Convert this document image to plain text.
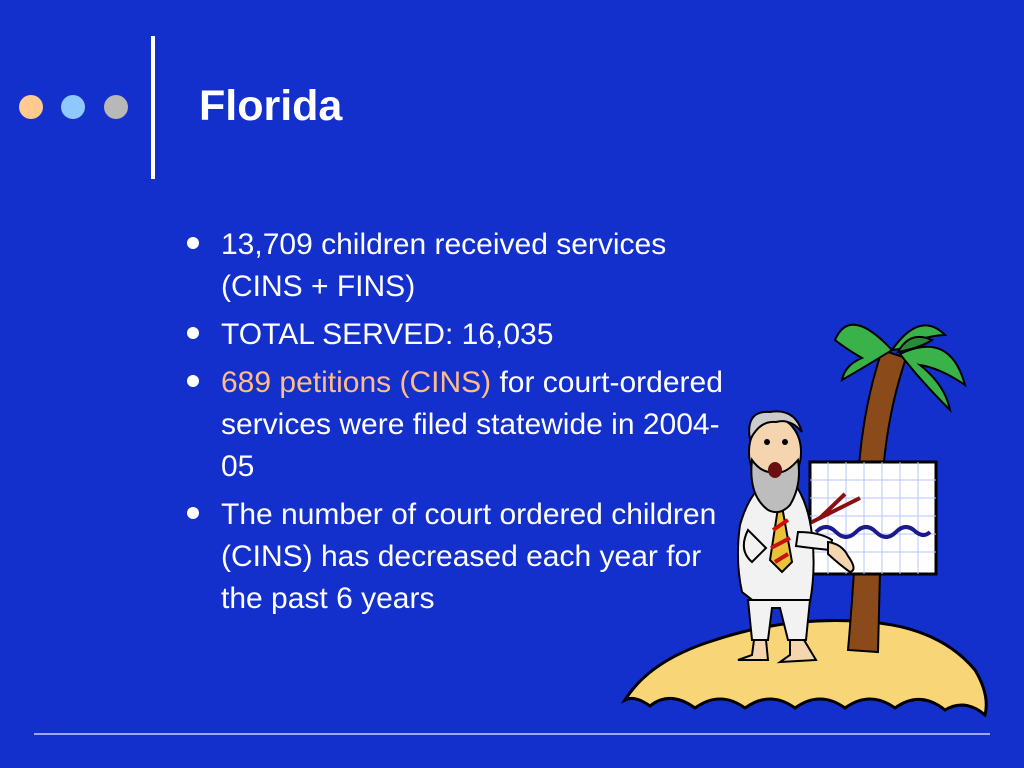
Florida
13,709 children received services (CINS + FINS)
TOTAL SERVED: 16,035
689 petitions (CINS) for court-ordered services were filed statewide in 2004-05
The number of court ordered children (CINS) has decreased each year for the past 6 years
